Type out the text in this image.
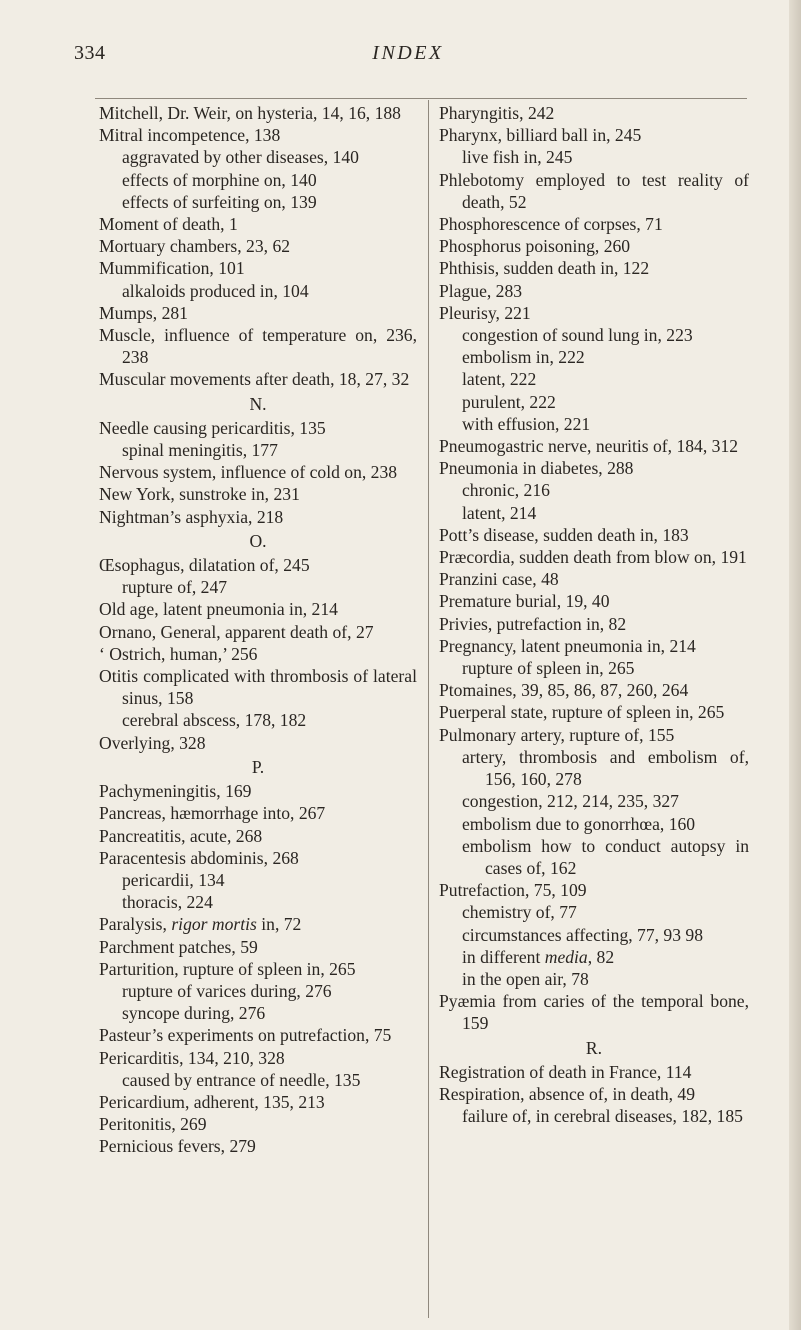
334	INDEX
Mitchell, Dr. Weir, on hysteria, 14, 16, 188
Mitral incompetence, 138
aggravated by other diseases, 140
effects of morphine on, 140
effects of surfeiting on, 139
Moment of death, 1
Mortuary chambers, 23, 62
Mummification, 101
alkaloids produced in, 104
Mumps, 281
Muscle, influence of temperature on, 236, 238
Muscular movements after death, 18, 27, 32
N.
Needle causing pericarditis, 135
spinal meningitis, 177
Nervous system, influence of cold on, 238
New York, sunstroke in, 231
Nightman’s asphyxia, 218
O.
Œsophagus, dilatation of, 245
rupture of, 247
Old age, latent pneumonia in, 214
Ornano, General, apparent death of, 27
‘ Ostrich, human,’ 256
Otitis complicated with thrombosis of lateral sinus, 158
cerebral abscess, 178, 182
Overlying, 328
P.
Pachymeningitis, 169
Pancreas, hæmorrhage into, 267
Pancreatitis, acute, 268
Paracentesis abdominis, 268
pericardii, 134
thoracis, 224
Paralysis, rigor mortis in, 72
Parchment patches, 59
Parturition, rupture of spleen in, 265
rupture of varices during, 276
syncope during, 276
Pasteur’s experiments on putrefaction, 75
Pericarditis, 134, 210, 328
caused by entrance of needle, 135
Pericardium, adherent, 135, 213
Peritonitis, 269
Pernicious fevers, 279
Pharyngitis, 242
Pharynx, billiard ball in, 245
live fish in, 245
Phlebotomy employed to test reality of death, 52
Phosphorescence of corpses, 71
Phosphorus poisoning, 260
Phthisis, sudden death in, 122
Plague, 283
Pleurisy, 221
congestion of sound lung in, 223
embolism in, 222
latent, 222
purulent, 222
with effusion, 221
Pneumogastric nerve, neuritis of, 184, 312
Pneumonia in diabetes, 288
chronic, 216
latent, 214
Pott’s disease, sudden death in, 183
Præcordia, sudden death from blow on, 191
Pranzini case, 48
Premature burial, 19, 40
Privies, putrefaction in, 82
Pregnancy, latent pneumonia in, 214
rupture of spleen in, 265
Ptomaines, 39, 85, 86, 87, 260, 264
Puerperal state, rupture of spleen in, 265
Pulmonary artery, rupture of, 155
artery, thrombosis and embolism of, 156, 160, 278
congestion, 212, 214, 235, 327
embolism due to gonorrhœa, 160
embolism how to conduct autopsy in cases of, 162
Putrefaction, 75, 109
chemistry of, 77
circumstances affecting, 77, 93 98
in different media, 82
in the open air, 78
Pyæmia from caries of the temporal bone, 159
R.
Registration of death in France, 114
Respiration, absence of, in death, 49
failure of, in cerebral diseases, 182, 185
